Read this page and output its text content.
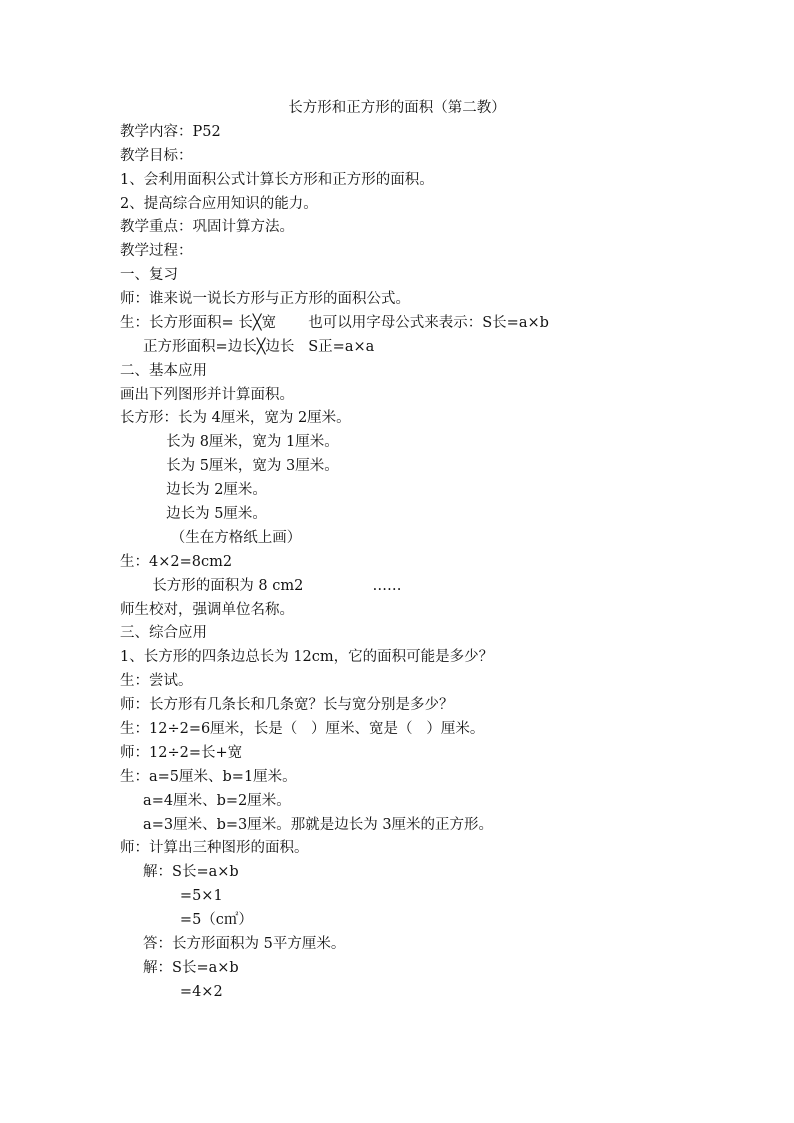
长方形和正方形的面积（第二教）
教学内容：P52
教学目标：
1、会利用面积公式计算长方形和正方形的面积。
2、提高综合应用知识的能力。
教学重点：巩固计算方法。
教学过程：
一、复习
师：谁来说一说长方形与正方形的面积公式。
生：长方形面积= 长╳宽       也可以用字母公式来表示：S长=a×b
正方形面积=边长╳边长   S正=a×a
二、基本应用
画出下列图形并计算面积。
长方形：长为 4厘米，宽为 2厘米。
长为 8厘米，宽为 1厘米。
长为 5厘米，宽为 3厘米。
边长为 2厘米。
边长为 5厘米。
（生在方格纸上画）
生：4×2=8cm2
长方形的面积为 8 cm2               ……
师生校对，强调单位名称。
三、综合应用
1、长方形的四条边总长为 12cm，它的面积可能是多少？
生：尝试。
师：长方形有几条长和几条宽？长与宽分别是多少？
生：12÷2=6厘米，长是（   ）厘米、宽是（   ）厘米。
师：12÷2=长+宽
生：a=5厘米、b=1厘米。
a=4厘米、b=2厘米。
a=3厘米、b=3厘米。那就是边长为 3厘米的正方形。
师：计算出三种图形的面积。
解：S长=a×b
=5×1
=5（c㎡）
答：长方形面积为 5平方厘米。
解：S长=a×b
=4×2
